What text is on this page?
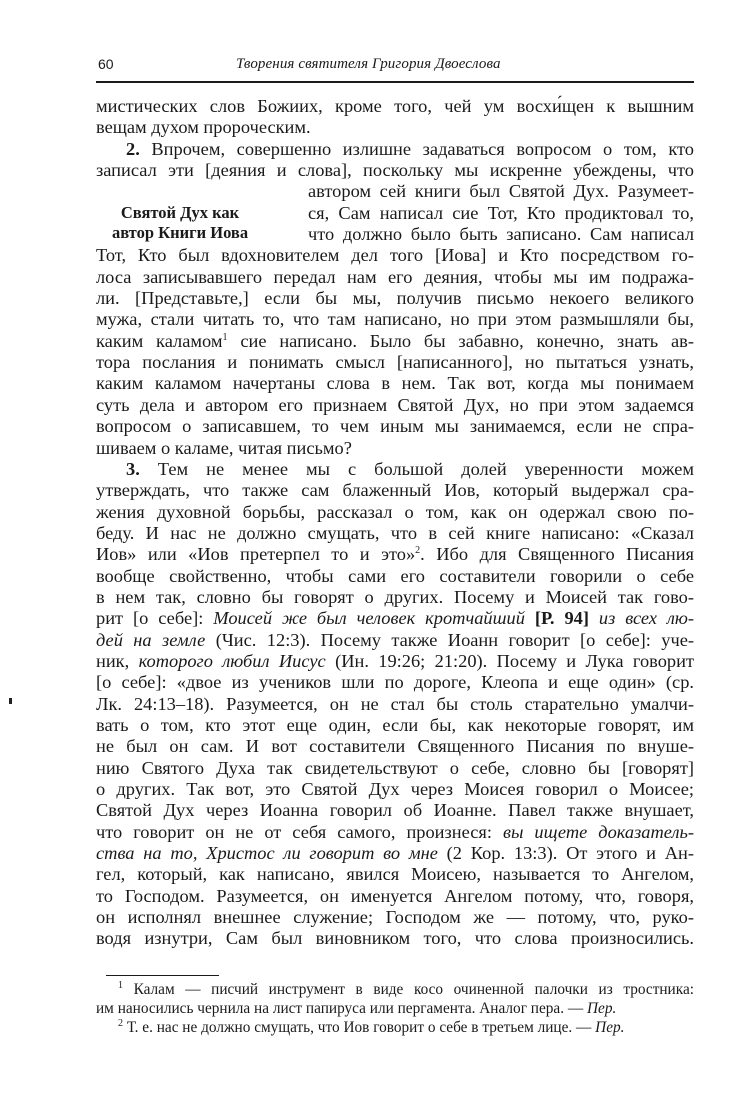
60	Творения святителя Григория Двоеслова
Святой Дух как
автор Книги Иова
мистических слов Божиих, кроме того, чей ум восхи́щен к вышним
вещам духом пророческим.
2. Впрочем, совершенно излишне задаваться вопросом о том, кто
записал эти [деяния и слова], поскольку мы искренне убеждены, что
автором сей книги был Святой Дух. Разумеет-
ся, Сам написал сие Тот, Кто продиктовал то,
что должно было быть записано. Сам написал
Тот, Кто был вдохновителем дел того [Иова] и Кто посредством го-
лоса записывавшего передал нам его деяния, чтобы мы им подража-
ли. [Представьте,] если бы мы, получив письмо некоего великого
мужа, стали читать то, что там написано, но при этом размышляли бы,
каким каламом$^1$ сие написано. Было бы забавно, конечно, знать ав-
тора послания и понимать смысл [написанного], но пытаться узнать,
каким каламом начертаны слова в нем. Так вот, когда мы понимаем
суть дела и автором его признаем Святой Дух, но при этом задаемся
вопросом о записавшем, то чем иным мы занимаемся, если не спра-
шиваем о каламе, читая письмо?
3. Тем не менее мы с большой долей уверенности можем
утверждать, что также сам блаженный Иов, который выдержал сра-
жения духовной борьбы, рассказал о том, как он одержал свою по-
беду. И нас не должно смущать, что в сей книге написано: «Сказал
Иов» или «Иов претерпел то и это»$^2$. Ибо для Священного Писания
вообще свойственно, чтобы сами его составители говорили о себе
в нем так, словно бы говорят о других. Посему и Моисей так гово-
рит [о себе]: Моисей же был человек кротчайший [Р. 94] из всех лю-
дей на земле (Чис. 12:3). Посему также Иоанн говорит [о себе]: уче-
ник, которого любил Иисус (Ин. 19:26; 21:20). Посему и Лука говорит
[о себе]: «двое из учеников шли по дороге, Клеопа и еще один» (ср.
Лк. 24:13–18). Разумеется, он не стал бы столь старательно умалчи-
вать о том, кто этот еще один, если бы, как некоторые говорят, им
не был он сам. И вот составители Священного Писания по внуше-
нию Святого Духа так свидетельствуют о себе, словно бы [говорят]
о других. Так вот, это Святой Дух через Моисея говорил о Моисее;
Святой Дух через Иоанна говорил об Иоанне. Павел также внушает,
что говорит он не от себя самого, произнеся: вы ищете доказатель-
ства на то, Христос ли говорит во мне (2 Кор. 13:3). От этого и Ан-
гел, который, как написано, явился Моисею, называется то Ангелом,
то Господом. Разумеется, он именуется Ангелом потому, что, говоря,
он исполнял внешнее служение; Господом же — потому, что, руко-
водя изнутри, Сам был виновником того, что слова произносились.
$^1$ Калам — писчий инструмент в виде косо очиненной палочки из тростника:
им наносились чернила на лист папируса или пергамента. Аналог пера. — Пер.
$^2$ Т. е. нас не должно смущать, что Иов говорит о себе в третьем лице. — Пер.
